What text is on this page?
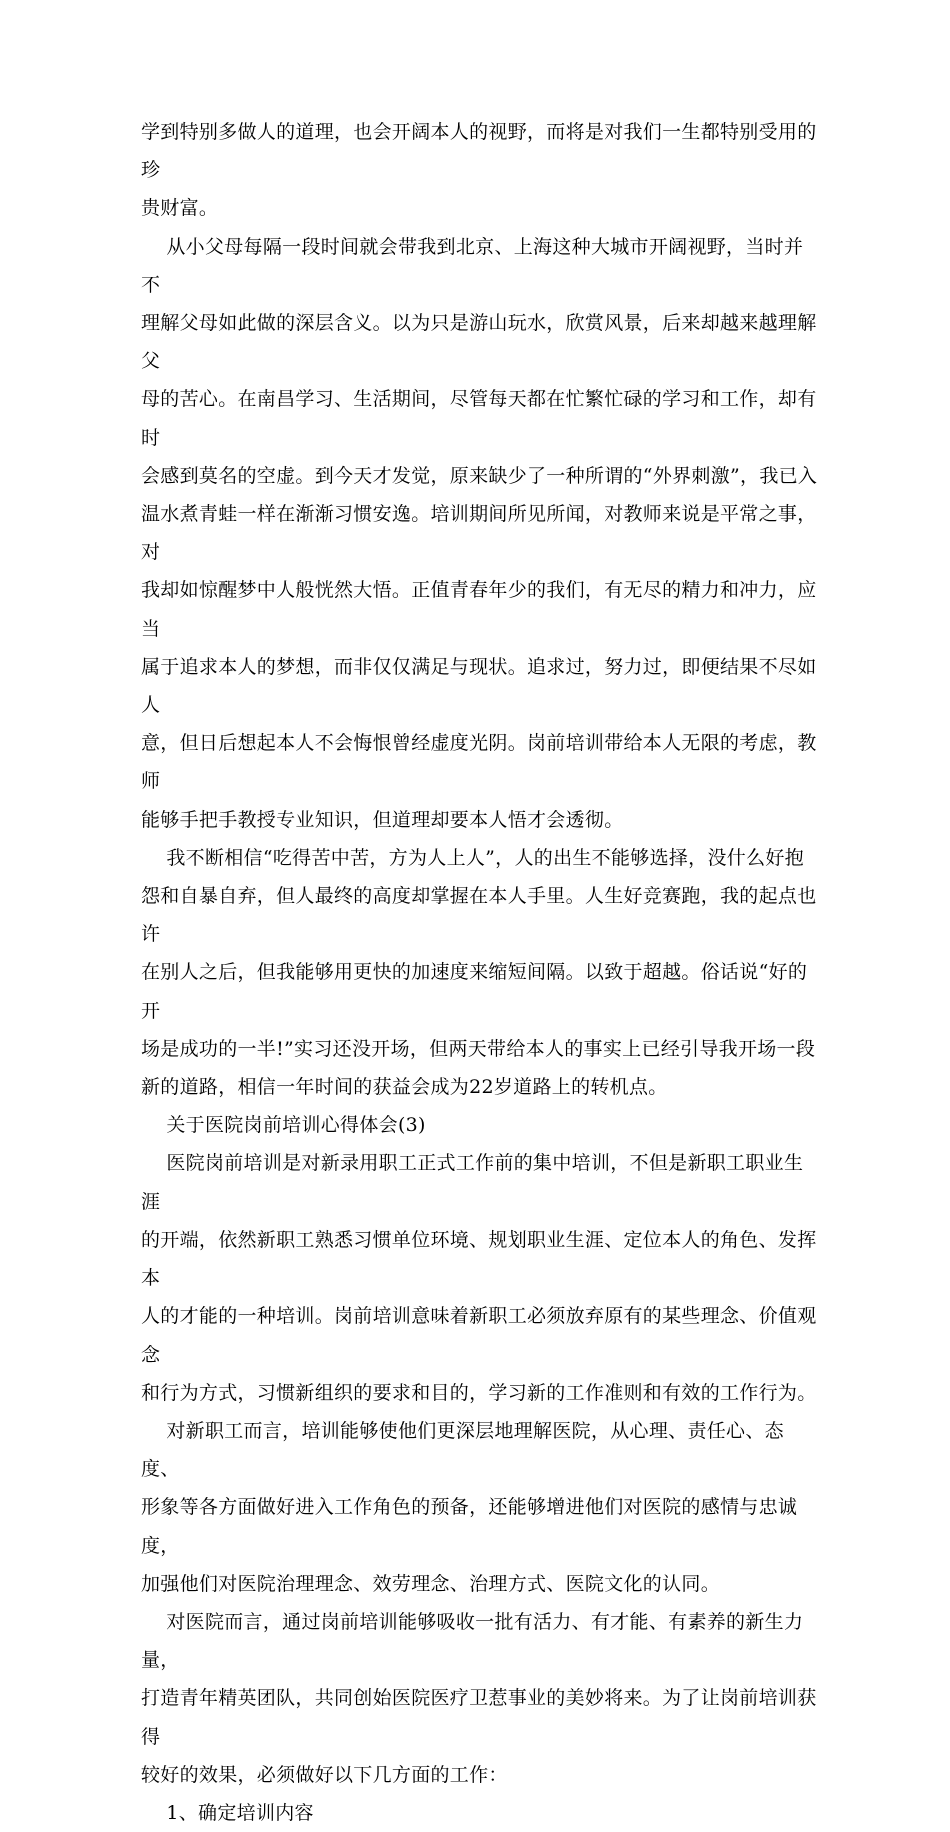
学到特别多做人的道理，也会开阔本人的视野，而将是对我们一生都特别受用的珍
贵财富。

从小父母每隔一段时间就会带我到北京、上海这种大城市开阔视野，当时并不
理解父母如此做的深层含义。以为只是游山玩水，欣赏风景，后来却越来越理解父
母的苦心。在南昌学习、生活期间，尽管每天都在忙繁忙碌的学习和工作，却有时
会感到莫名的空虚。到今天才发觉，原来缺少了一种所谓的“外界刺激”，我已入
温水煮青蛙一样在渐渐习惯安逸。培训期间所见所闻，对教师来说是平常之事，对
我却如惊醒梦中人般恍然大悟。正值青春年少的我们，有无尽的精力和冲力，应当
属于追求本人的梦想，而非仅仅满足与现状。追求过，努力过，即便结果不尽如人
意，但日后想起本人不会悔恨曾经虚度光阴。岗前培训带给本人无限的考虑，教师
能够手把手教授专业知识，但道理却要本人悟才会透彻。

我不断相信“吃得苦中苦，方为人上人”，人的出生不能够选择，没什么好抱
怨和自暴自弃，但人最终的高度却掌握在本人手里。人生好竞赛跑，我的起点也许
在别人之后，但我能够用更快的加速度来缩短间隔。以致于超越。俗话说“好的开
场是成功的一半!”实习还没开场，但两天带给本人的事实上已经引导我开场一段
新的道路，相信一年时间的获益会成为22岁道路上的转机点。

关于医院岗前培训心得体会(3)

医院岗前培训是对新录用职工正式工作前的集中培训，不但是新职工职业生涯
的开端，依然新职工熟悉习惯单位环境、规划职业生涯、定位本人的角色、发挥本
人的才能的一种培训。岗前培训意味着新职工必须放弃原有的某些理念、价值观念
和行为方式，习惯新组织的要求和目的，学习新的工作准则和有效的工作行为。

对新职工而言，培训能够使他们更深层地理解医院，从心理、责任心、态度、
形象等各方面做好进入工作角色的预备，还能够增进他们对医院的感情与忠诚度，
加强他们对医院治理理念、效劳理念、治理方式、医院文化的认同。

对医院而言，通过岗前培训能够吸收一批有活力、有才能、有素养的新生力量，
打造青年精英团队，共同创始医院医疗卫惹事业的美妙将来。为了让岗前培训获得
较好的效果，必须做好以下几方面的工作：

1、确定培训内容
